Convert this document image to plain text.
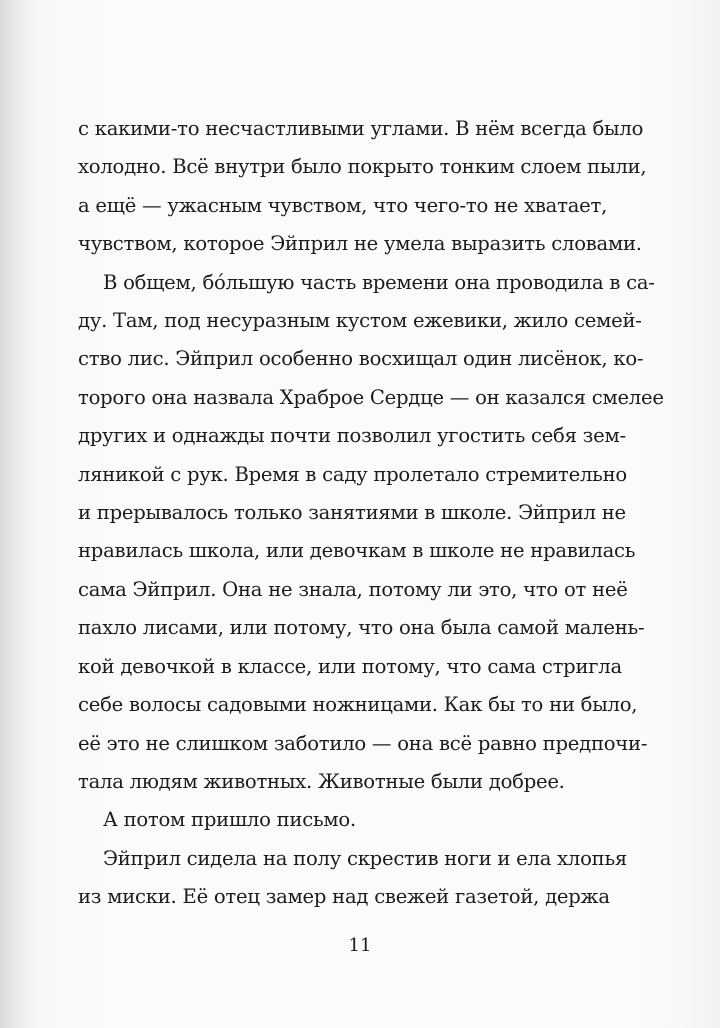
с какими-то несчастливыми углами. В нём всегда было
холодно. Всё внутри было покрыто тонким слоем пыли,
а ещё — ужасным чувством, что чего-то не хватает,
чувством, которое Эйприл не умела выразить словами.
В общем, бóльшую часть времени она проводила в са-
ду. Там, под несуразным кустом ежевики, жило семей-
ство лис. Эйприл особенно восхищал один лисёнок, ко-
торого она назвала Храброе Сердце — он казался смелее
других и однажды почти позволил угостить себя зем-
ляникой с рук. Время в саду пролетало стремительно
и прерывалось только занятиями в школе. Эйприл не
нравилась школа, или девочкам в школе не нравилась
сама Эйприл. Она не знала, потому ли это, что от неё
пахло лисами, или потому, что она была самой малень-
кой девочкой в классе, или потому, что сама стригла
себе волосы садовыми ножницами. Как бы то ни было,
её это не слишком заботило — она всё равно предпочи-
тала людям животных. Животные были добрее.
А потом пришло письмо.
Эйприл сидела на полу скрестив ноги и ела хлопья
из миски. Её отец замер над свежей газетой, держа
11
